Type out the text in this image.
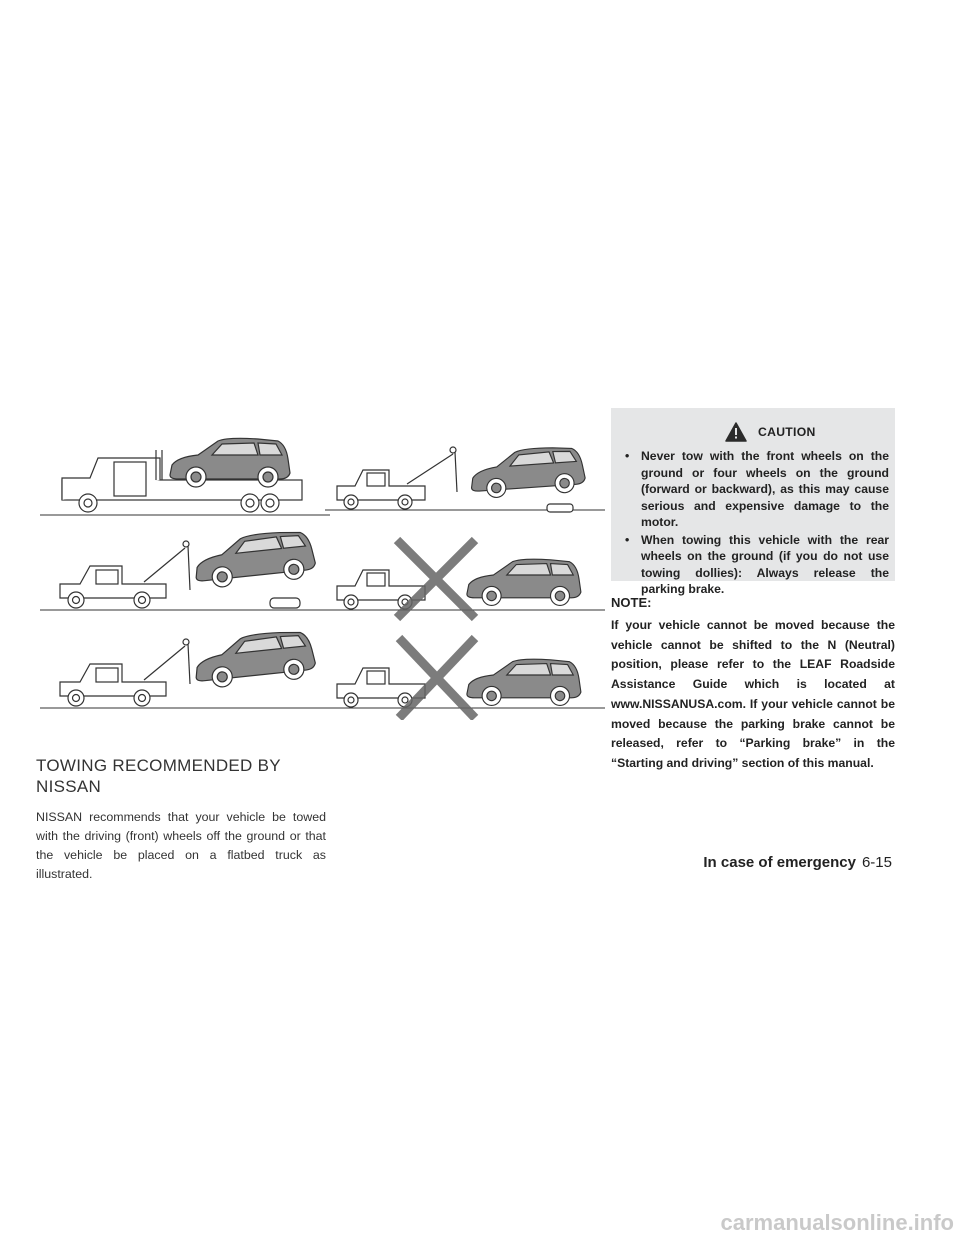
TOWING RECOMMENDED BY NISSAN
NISSAN recommends that your vehicle be towed with the driving (front) wheels off the ground or that the vehicle be placed on a flatbed truck as illustrated.
CAUTION
• Never tow with the front wheels on the ground or four wheels on the ground (forward or backward), as this may cause serious and expensive damage to the motor.
• When towing this vehicle with the rear wheels on the ground (if you do not use towing dollies): Always release the parking brake.
NOTE:
If your vehicle cannot be moved because the vehicle cannot be shifted to the N (Neutral) position, please refer to the LEAF Roadside Assistance Guide which is located at www.NISSANUSA.com. If your vehicle cannot be moved because the parking brake cannot be released, refer to “Parking brake” in the “Starting and driving” section of this manual.
In case of emergency 6-15
carmanualsonline.info
